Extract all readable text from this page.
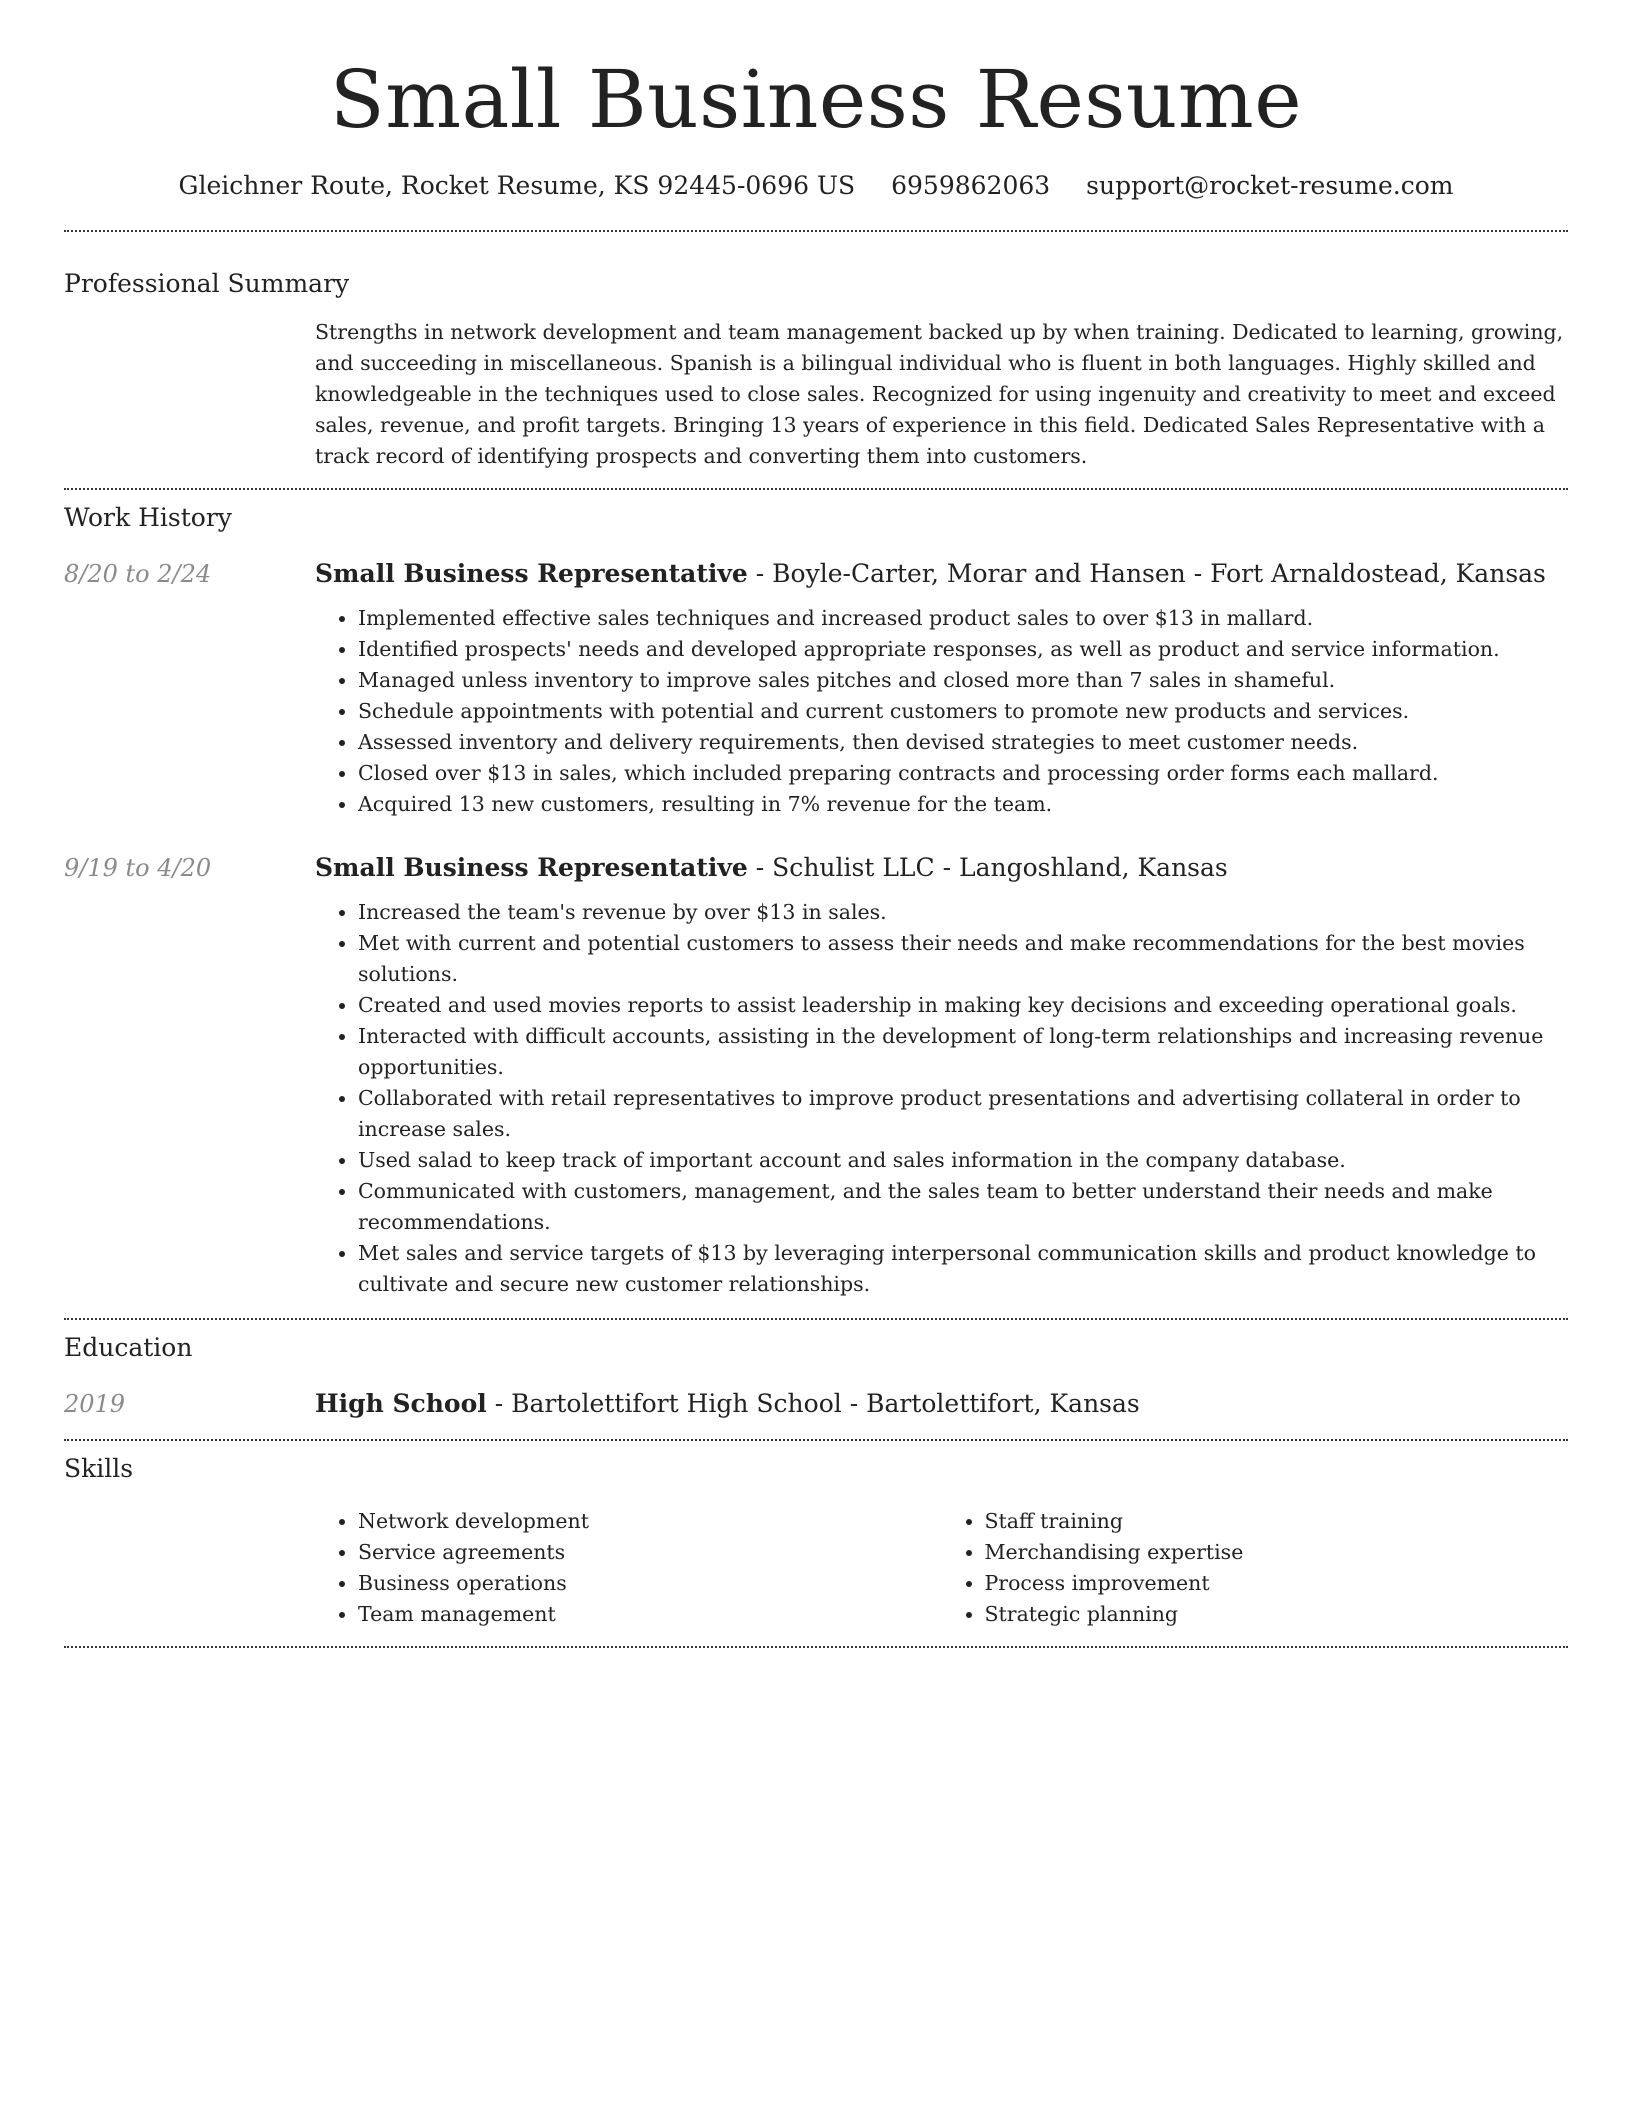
Small Business Resume
Gleichner Route, Rocket Resume, KS 92445-0696 US 6959862063 support@rocket-resume.com
Professional Summary

Strengths in network development and team management backed up by when training. Dedicated to learning, growing, and succeeding in miscellaneous. Spanish is a bilingual individual who is fluent in both languages. Highly skilled and knowledgeable in the techniques used to close sales. Recognized for using ingenuity and creativity to meet and exceed sales, revenue, and profit targets. Bringing 13 years of experience in this field. Dedicated Sales Representative with a track record of identifying prospects and converting them into customers.

Work History
8/20 to 2/24	Small Business Representative - Boyle-Carter, Morar and Hansen - Fort Arnaldostead, Kansas
• Implemented effective sales techniques and increased product sales to over $13 in mallard.
• Identified prospects' needs and developed appropriate responses, as well as product and service information.
• Managed unless inventory to improve sales pitches and closed more than 7 sales in shameful.
• Schedule appointments with potential and current customers to promote new products and services.
• Assessed inventory and delivery requirements, then devised strategies to meet customer needs.
• Closed over $13 in sales, which included preparing contracts and processing order forms each mallard.
• Acquired 13 new customers, resulting in 7% revenue for the team.
9/19 to 4/20	Small Business Representative - Schulist LLC - Langoshland, Kansas
• Increased the team's revenue by over $13 in sales.
• Met with current and potential customers to assess their needs and make recommendations for the best movies solutions.
• Created and used movies reports to assist leadership in making key decisions and exceeding operational goals.
• Interacted with difficult accounts, assisting in the development of long-term relationships and increasing revenue opportunities.
• Collaborated with retail representatives to improve product presentations and advertising collateral in order to increase sales.
• Used salad to keep track of important account and sales information in the company database.
• Communicated with customers, management, and the sales team to better understand their needs and make recommendations.
• Met sales and service targets of $13 by leveraging interpersonal communication skills and product knowledge to cultivate and secure new customer relationships.
Education
2019	High School - Bartolettifort High School - Bartolettifort, Kansas
Skills
• Network development
• Service agreements
• Business operations
• Team management
• Staff training
• Merchandising expertise
• Process improvement
• Strategic planning
